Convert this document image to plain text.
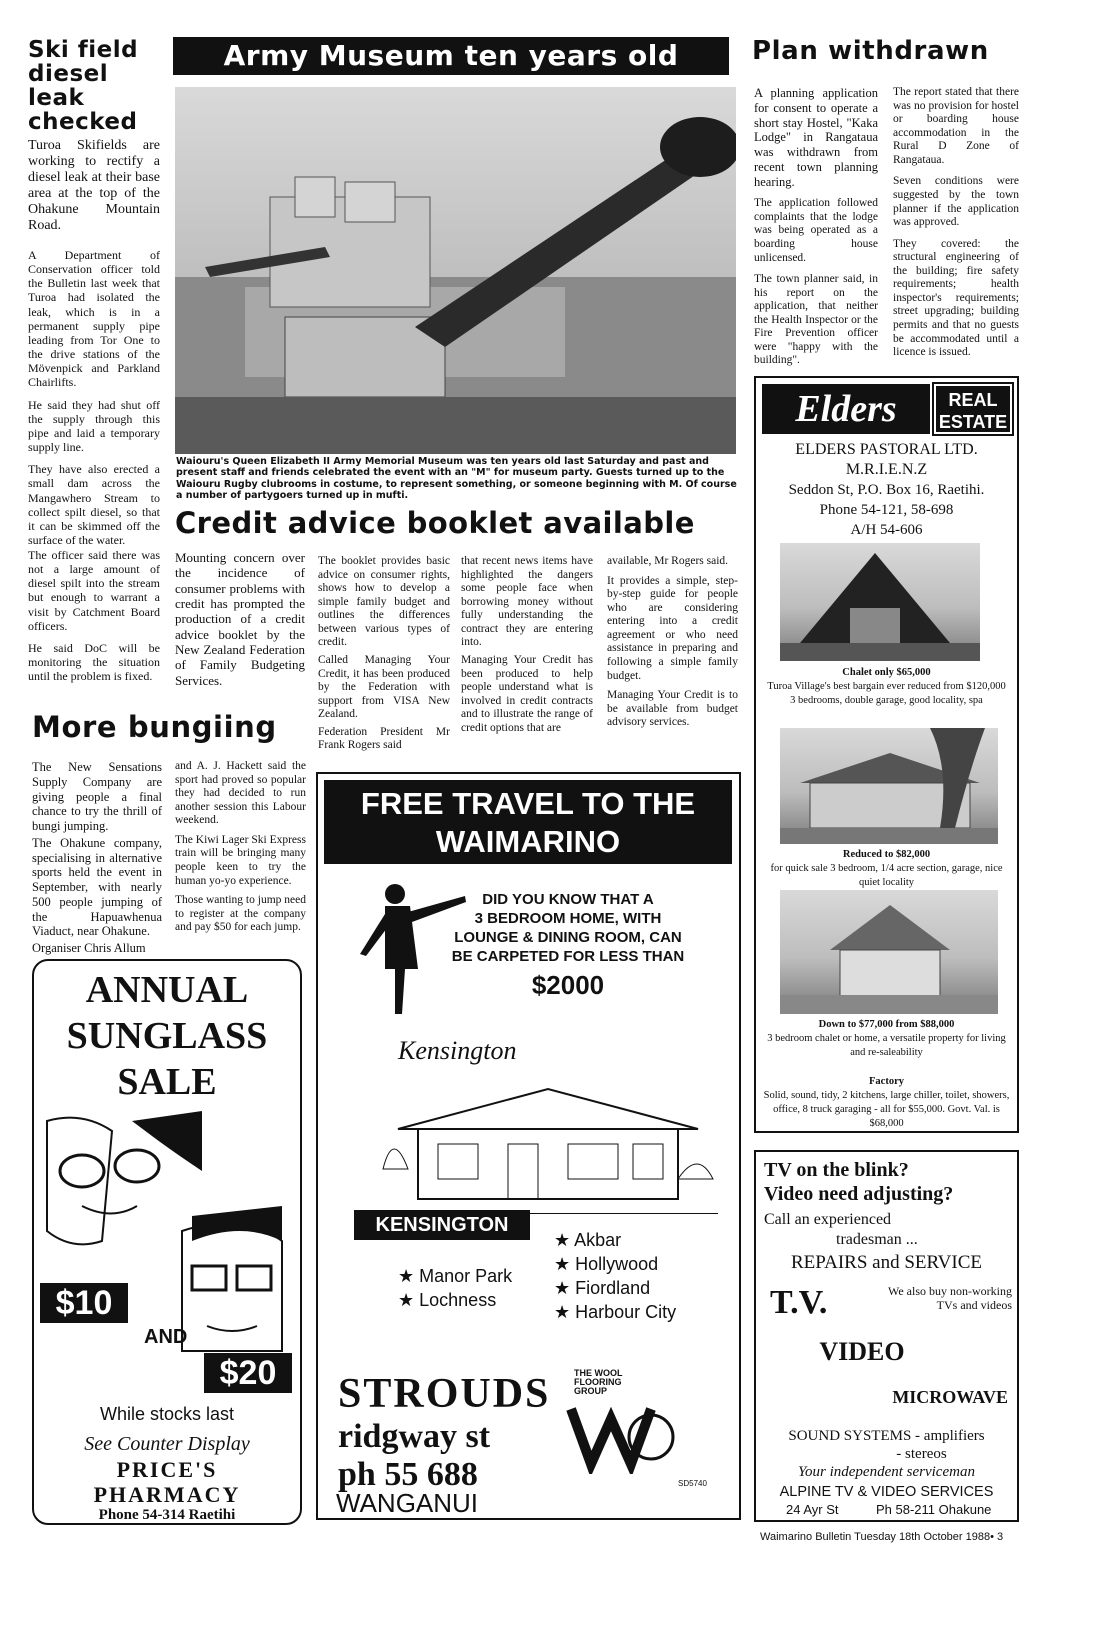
Ski field diesel leak checked
Turoa Skifields are working to rectify a diesel leak at their base area at the top of the Ohakune Mountain Road.

A Department of Conservation officer told the Bulletin last week that Turoa had isolated the leak, which is in a permanent supply pipe leading from Tor One to the drive stations of the Mövenpick and Parkland Chairlifts.

He said they had shut off the supply through this pipe and laid a temporary supply line.

They have also erected a small dam across the Mangawhero Stream to collect spilt diesel, so that it can be skimmed off the surface of the water.

The officer said there was not a large amount of diesel spilt into the stream but enough to warrant a visit by Catchment Board officers.

He said DoC will be monitoring the situation until the problem is fixed.

Army Museum ten years old
Waiouru's Queen Elizabeth II Army Memorial Museum was ten years old last Saturday and past and present staff and friends celebrated the event with an "M" for museum party. Guests turned up to the Waiouru Rugby clubrooms in costume, to represent something, or someone beginning with M. Of course a number of partygoers turned up in mufti.
Plan withdrawn

A planning application for consent to operate a short stay Hostel, "Kaka Lodge" in Rangataua was withdrawn from recent town planning hearing.

The application followed complaints that the lodge was being operated as a boarding house unlicensed.

The town planner said, in his report on the application, that neither the Health Inspector or the Fire Prevention officer were "happy with the building".

The report stated that there was no provision for hostel or boarding house accommodation in the Rural D Zone of Rangataua.

Seven conditions were suggested by the town planner if the application was approved.

They covered: the structural engineering of the building; fire safety requirements; health inspector's requirements; street upgrading; building permits and that no guests be accommodated until a licence is issued.

Credit advice booklet available
Mounting concern over the incidence of consumer problems with credit has prompted the production of a credit advice booklet by the New Zealand Federation of Family Budgeting Services.

The booklet provides basic advice on consumer rights, shows how to develop a simple family budget and outlines the differences between various types of credit.

Called Managing Your Credit, it has been produced by the Federation with support from VISA New Zealand.

Federation President Mr Frank Rogers said

that recent news items have highlighted the dangers some people face when borrowing money without fully understanding the contract they are entering into.

Managing Your Credit has been produced to help people understand what is involved in credit contracts and to illustrate the range of credit options that are

available, Mr Rogers said.

It provides a simple, step-by-step guide for people who are considering entering into a credit agreement or who need assistance in preparing and following a simple family budget.

Managing Your Credit is to be available from budget advisory services.

More bungiing

The New Sensations Supply Company are giving people a final chance to try the thrill of bungi jumping.

The Ohakune company, specialising in alternative sports held the event in September, with nearly 500 people jumping of the Hapuawhenua Viaduct, near Ohakune.

Organiser Chris Allum

and A. J. Hackett said the sport had proved so popular they had decided to run another session this Labour weekend.

The Kiwi Lager Ski Express train will be bringing many people keen to try the human yo-yo experience.

Those wanting to jump need to register at the company and pay $50 for each jump.

ANNUAL
SUNGLASS
SALE
$10
AND
$20
While stocks last
See Counter Display
PRICE'S
PHARMACY
Phone 54-314 Raetihi
FREE TRAVEL TO THE
WAIMARINO
DID YOU KNOW THAT A
3 BEDROOM HOME, WITH
LOUNGE & DINING ROOM, CAN
BE CARPETED FOR LESS THAN
$2000
Kensington
KENSINGTON
★ Manor Park
★ Lochness
★ Akbar
★ Hollywood
★ Fiordland
★ Harbour City
STROUDS
ridgway st
ph 55 688
WANGANUI
THE WOOL
FLOORING
GROUP
SD5740
Elders	REAL
ESTATE
ELDERS PASTORAL LTD.
M.R.I.E.N.Z
Seddon St, P.O. Box 16, Raetihi.
Phone 54-121, 58-698
A/H 54-606
Chalet only $65,000
Turoa Village's best bargain ever reduced from $120,000 3 bedrooms, double garage, good locality, spa
Reduced to $82,000
for quick sale 3 bedroom, 1/4 acre section, garage, nice quiet locality
Down to $77,000 from $88,000
3 bedroom chalet or home, a versatile property for living and re-saleability
Factory
Solid, sound, tidy, 2 kitchens, large chiller, toilet, showers, office, 8 truck garaging - all for $55,000. Govt. Val. is $68,000
TV on the blink?
Video need adjusting?
Call an experienced
tradesman ...
REPAIRS and SERVICE
T.V.	We also buy non-working
TVs and videos
VIDEO
MICROWAVE
SOUND SYSTEMS - amplifiers
- stereos
Your independent serviceman
ALPINE TV & VIDEO SERVICES
24 Ayr St	Ph 58-211 Ohakune
Waimarino Bulletin Tuesday 18th October 1988• 3
